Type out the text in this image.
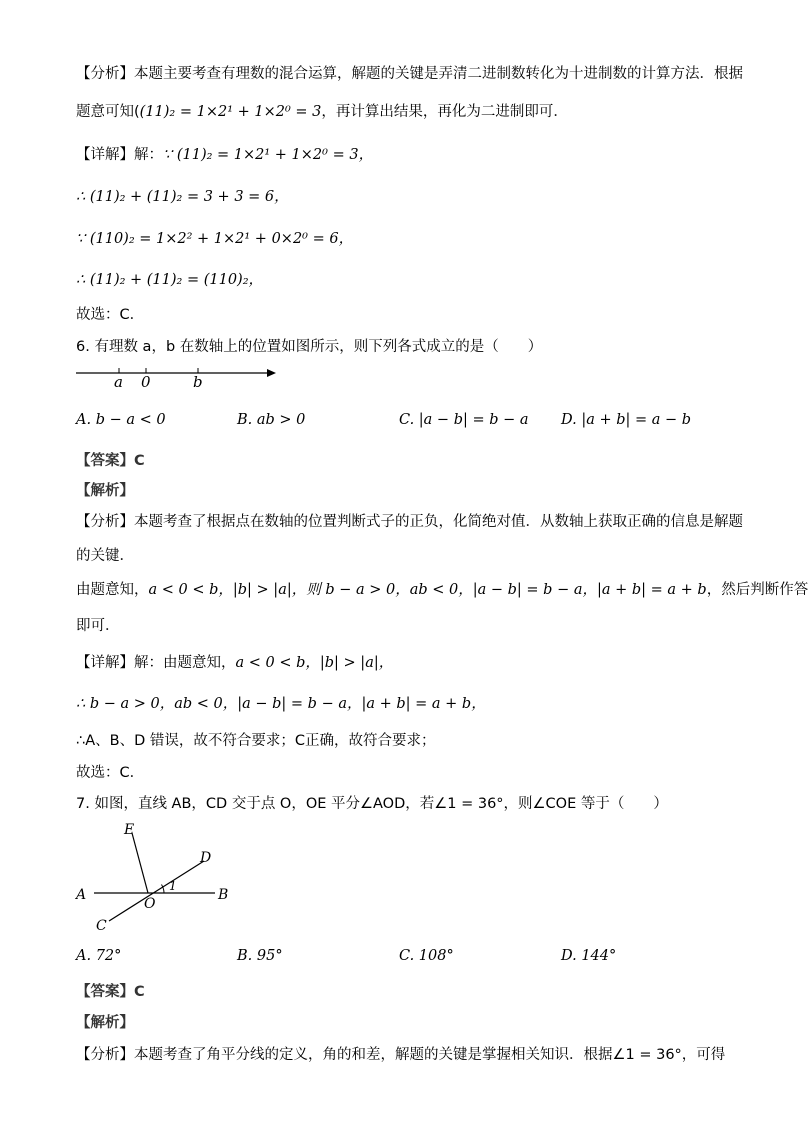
【分析】本题主要考查有理数的混合运算，解题的关键是弄清二进制数转化为十进制数的计算方法．根据
题意可知((11)₂ = 1×2¹ + 1×2⁰ = 3，再计算出结果，再化为二进制即可．
【详解】解：∵ (11)₂ = 1×2¹ + 1×2⁰ = 3，
∴ (11)₂ + (11)₂ = 3 + 3 = 6，
∵ (110)₂ = 1×2² + 1×2¹ + 0×2⁰ = 6，
∴ (11)₂ + (11)₂ = (110)₂，
故选：C．
6. 有理数 a，b 在数轴上的位置如图所示，则下列各式成立的是（　　）
a 0	b
A. b − a < 0	B. ab > 0	C. |a − b| = b − a D. |a + b| = a − b
【答案】C
【解析】
【分析】本题考查了根据点在数轴的位置判断式子的正负，化简绝对值．从数轴上获取正确的信息是解题
的关键．
由题意知，a < 0 < b，|b| > |a|，则 b − a > 0，ab < 0，|a − b| = b − a，|a + b| = a + b，然后判断作答
即可．
【详解】解：由题意知，a < 0 < b，|b| > |a|，
∴ b − a > 0，ab < 0，|a − b| = b − a，|a + b| = a + b，
∴A、B、D 错误，故不符合要求；C正确，故符合要求；
故选：C．
7. 如图，直线 AB，CD 交于点 O，OE 平分∠AOD，若∠1 = 36°，则∠COE 等于（　　）
E
D
A	B
C
O
1
A. 72°	B. 95°	C. 108°	D. 144°
【答案】C
【解析】
【分析】本题考查了角平分线的定义，角的和差，解题的关键是掌握相关知识．根据∠1 = 36°，可得
